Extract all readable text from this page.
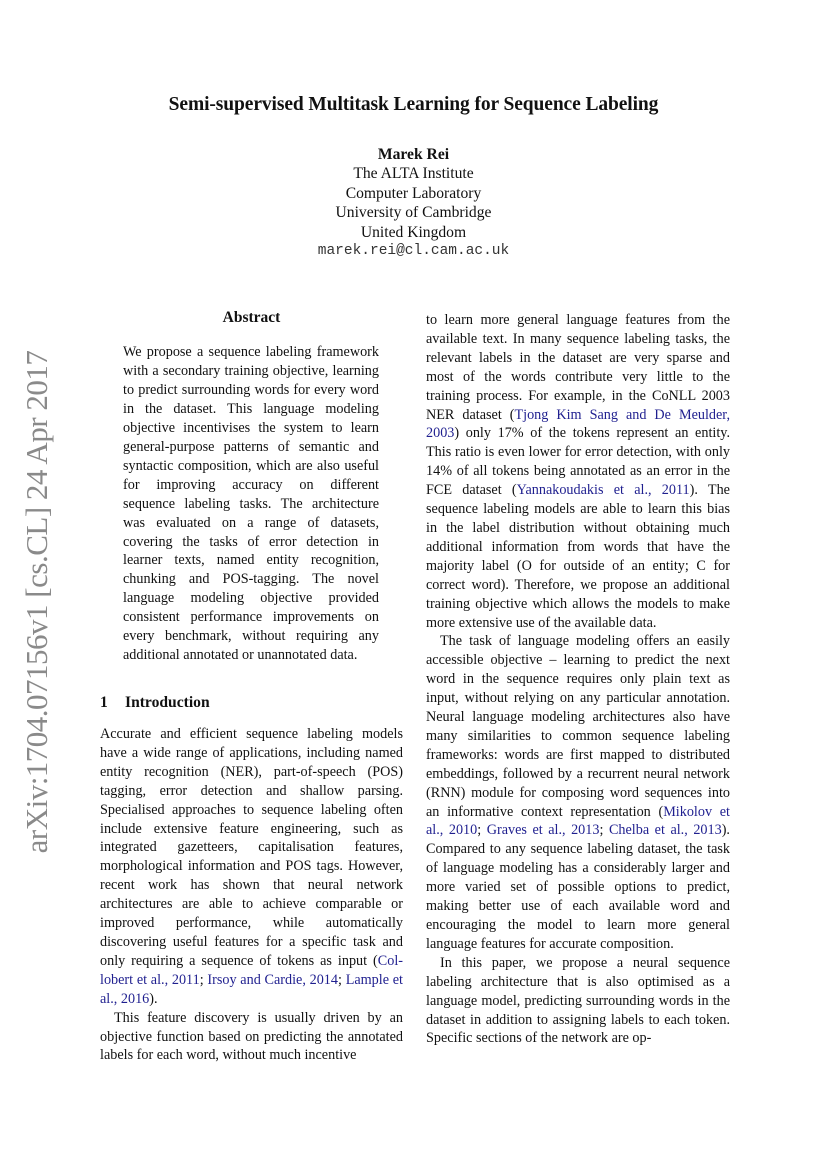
arXiv:1704.07156v1 [cs.CL] 24 Apr 2017
Semi-supervised Multitask Learning for Sequence Labeling
Marek Rei
The ALTA Institute
Computer Laboratory
University of Cambridge
United Kingdom
marek.rei@cl.cam.ac.uk
Abstract

We propose a sequence labeling framework with a secondary training objective, learning to predict surrounding words for every word in the dataset. This language modeling objective incentivises the system to learn general-purpose patterns of semantic and syntactic composition, which are also useful for improving accuracy on different sequence labeling tasks. The architecture was evaluated on a range of datasets, covering the tasks of error detection in learner texts, named entity recognition, chunking and POS-tagging. The novel language modeling objective provided consistent performance improvements on every benchmark, without requiring any additional annotated or unannotated data.

1 Introduction

Accurate and efficient sequence labeling models have a wide range of applications, including named entity recognition (NER), part-of-speech (POS) tagging, error detection and shallow parsing. Specialised approaches to sequence labeling often include extensive feature engineering, such as integrated gazetteers, capitalisation features, morphological information and POS tags. However, recent work has shown that neural network architectures are able to achieve comparable or improved performance, while automatically discovering useful features for a specific task and only requiring a sequence of tokens as input (Collobert et al., 2011; Irsoy and Cardie, 2014; Lample et al., 2016).

This feature discovery is usually driven by an objective function based on predicting the annotated labels for each word, without much incentive

to learn more general language features from the available text. In many sequence labeling tasks, the relevant labels in the dataset are very sparse and most of the words contribute very little to the training process. For example, in the CoNLL 2003 NER dataset (Tjong Kim Sang and De Meulder, 2003) only 17% of the tokens represent an entity. This ratio is even lower for error detection, with only 14% of all tokens being annotated as an error in the FCE dataset (Yannakoudakis et al., 2011). The sequence labeling models are able to learn this bias in the label distribution without obtaining much additional information from words that have the majority label (O for outside of an entity; C for correct word). Therefore, we propose an additional training objective which allows the models to make more extensive use of the available data.

The task of language modeling offers an easily accessible objective – learning to predict the next word in the sequence requires only plain text as input, without relying on any particular annotation. Neural language modeling architectures also have many similarities to common sequence labeling frameworks: words are first mapped to distributed embeddings, followed by a recurrent neural network (RNN) module for composing word sequences into an informative context representation (Mikolov et al., 2010; Graves et al., 2013; Chelba et al., 2013). Compared to any sequence labeling dataset, the task of language modeling has a considerably larger and more varied set of possible options to predict, making better use of each available word and encouraging the model to learn more general language features for accurate composition.

In this paper, we propose a neural sequence labeling architecture that is also optimised as a language model, predicting surrounding words in the dataset in addition to assigning labels to each token. Specific sections of the network are op-
